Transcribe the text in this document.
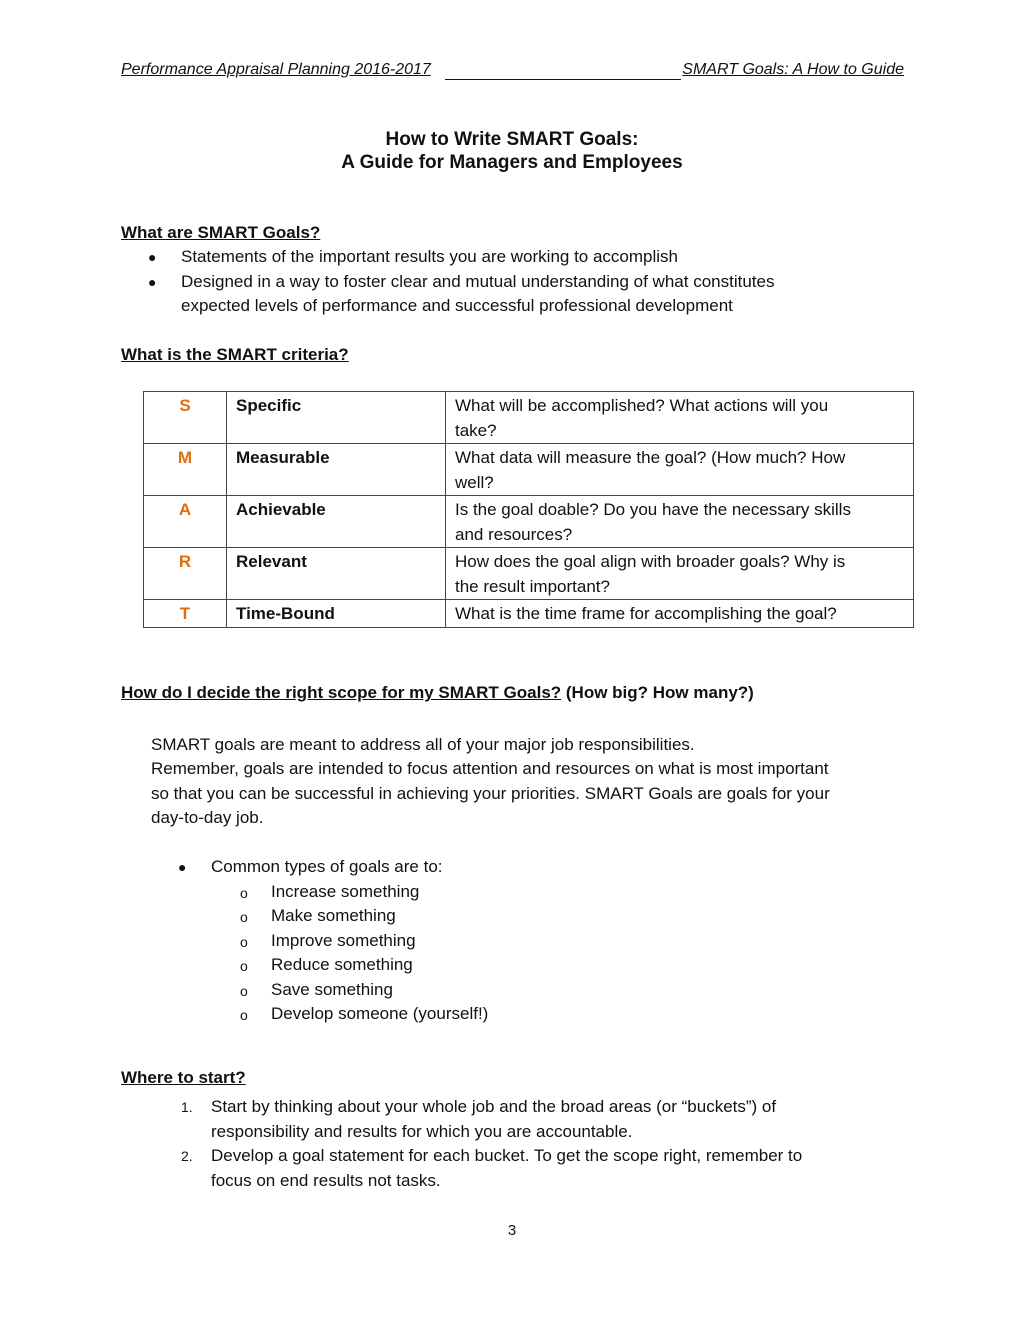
Performance Appraisal Planning 2016-2017	SMART Goals: A How to Guide
How to Write SMART Goals:
A Guide for Managers and Employees
What are SMART Goals?
● Statements of the important results you are working to accomplish
● Designed in a way to foster clear and mutual understanding of what constitutes
expected levels of performance and successful professional development
What is the SMART criteria?
S	Specific	What will be accomplished? What actions will you
take?
M	Measurable	What data will measure the goal? (How much? How
well?
A	Achievable	Is the goal doable? Do you have the necessary skills
and resources?
R	Relevant	How does the goal align with broader goals? Why is
the result important?
T	Time-Bound	What is the time frame for accomplishing the goal?
How do I decide the right scope for my SMART Goals? (How big? How many?)
SMART goals are meant to address all of your major job responsibilities.
Remember, goals are intended to focus attention and resources on what is most important
so that you can be successful in achieving your priorities. SMART Goals are goals for your
day-to-day job.
● Common types of goals are to:
o Increase something
o Make something
o Improve something
o Reduce something
o Save something
o Develop someone (yourself!)
Where to start?
1. Start by thinking about your whole job and the broad areas (or “buckets”) of
responsibility and results for which you are accountable.
2. Develop a goal statement for each bucket. To get the scope right, remember to
focus on end results not tasks.
3
